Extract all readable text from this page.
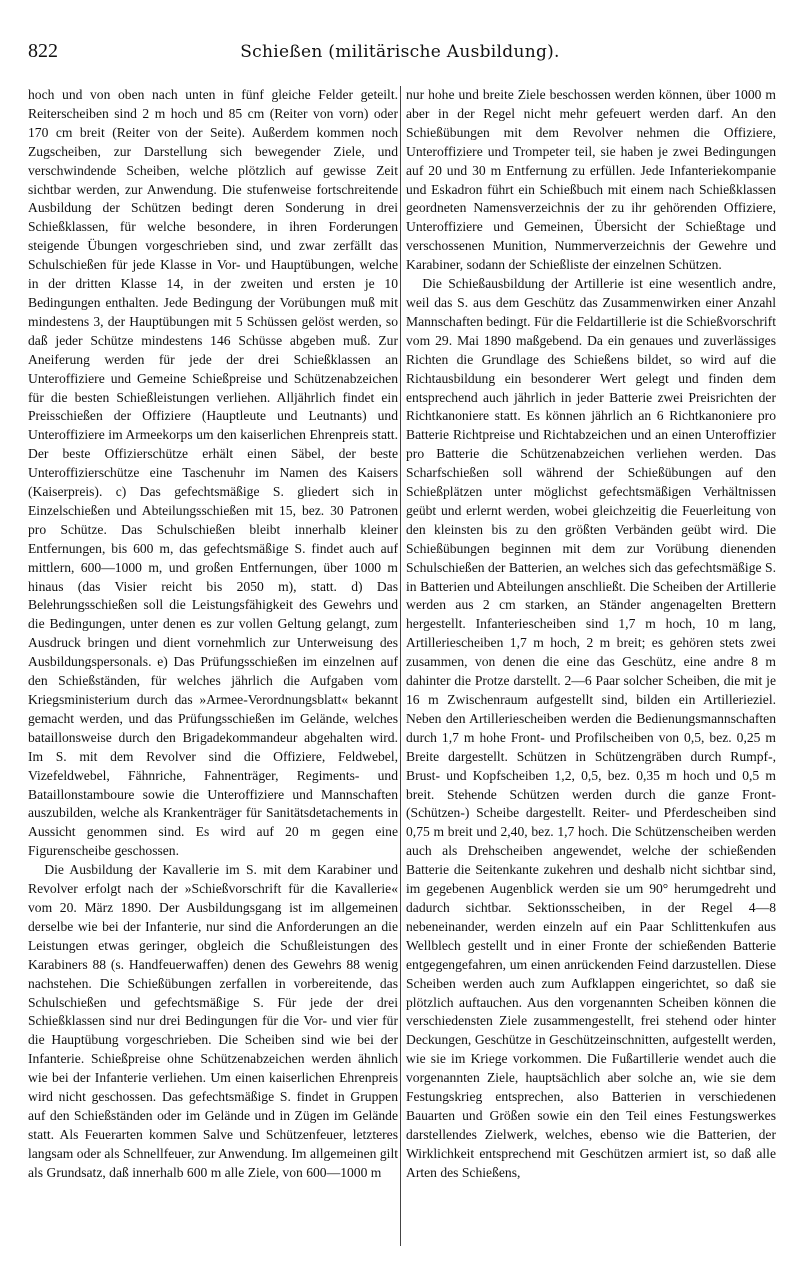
822	Schießen (militärische Ausbildung).

hoch und von oben nach unten in fünf gleiche Felder geteilt. Reiterscheiben sind 2 m hoch und 85 cm (Reiter von vorn) oder 170 cm breit (Reiter von der Seite). Außerdem kommen noch Zugscheiben, zur Darstellung sich bewegender Ziele, und verschwindende Scheiben, welche plötzlich auf gewisse Zeit sichtbar werden, zur Anwendung. Die stufenweise fortschreitende Ausbildung der Schützen bedingt deren Sonderung in drei Schießklassen, für welche besondere, in ihren Forderungen steigende Übungen vorgeschrieben sind, und zwar zerfällt das Schulschießen für jede Klasse in Vor- und Hauptübungen, welche in der dritten Klasse 14, in der zweiten und ersten je 10 Bedingungen enthalten. Jede Bedingung der Vorübungen muß mit mindestens 3, der Hauptübungen mit 5 Schüssen gelöst werden, so daß jeder Schütze mindestens 146 Schüsse abgeben muß. Zur Aneiferung werden für jede der drei Schießklassen an Unteroffiziere und Gemeine Schießpreise und Schützenabzeichen für die besten Schießleistungen verliehen. Alljährlich findet ein Preisschießen der Offiziere (Hauptleute und Leutnants) und Unteroffiziere im Armeekorps um den kaiserlichen Ehrenpreis statt. Der beste Offizierschütze erhält einen Säbel, der beste Unteroffizierschütze eine Taschenuhr im Namen des Kaisers (Kaiserpreis). c) Das gefechtsmäßige S. gliedert sich in Einzelschießen und Abteilungsschießen mit 15, bez. 30 Patronen pro Schütze. Das Schulschießen bleibt innerhalb kleiner Entfernungen, bis 600 m, das gefechtsmäßige S. findet auch auf mittlern, 600—1000 m, und großen Entfernungen, über 1000 m hinaus (das Visier reicht bis 2050 m), statt. d) Das Belehrungsschießen soll die Leistungsfähigkeit des Gewehrs und die Bedingungen, unter denen es zur vollen Geltung gelangt, zum Ausdruck bringen und dient vornehmlich zur Unterweisung des Ausbildungspersonals. e) Das Prüfungsschießen im einzelnen auf den Schießständen, für welches jährlich die Aufgaben vom Kriegsministerium durch das »Armee-Verordnungsblatt« bekannt gemacht werden, und das Prüfungsschießen im Gelände, welches bataillonsweise durch den Brigadekommandeur abgehalten wird. Im S. mit dem Revolver sind die Offiziere, Feldwebel, Vizefeldwebel, Fähnriche, Fahnenträger, Regiments- und Bataillonstamboure sowie die Unteroffiziere und Mannschaften auszubilden, welche als Krankenträger für Sanitätsdetachements in Aussicht genommen sind. Es wird auf 20 m gegen eine Figurenscheibe geschossen.

Die Ausbildung der Kavallerie im S. mit dem Karabiner und Revolver erfolgt nach der »Schießvorschrift für die Kavallerie« vom 20. März 1890. Der Ausbildungsgang ist im allgemeinen derselbe wie bei der Infanterie, nur sind die Anforderungen an die Leistungen etwas geringer, obgleich die Schußleistungen des Karabiners 88 (s. Handfeuerwaffen) denen des Gewehrs 88 wenig nachstehen. Die Schießübungen zerfallen in vorbereitende, das Schulschießen und gefechtsmäßige S. Für jede der drei Schießklassen sind nur drei Bedingungen für die Vor- und vier für die Hauptübung vorgeschrieben. Die Scheiben sind wie bei der Infanterie. Schießpreise ohne Schützenabzeichen werden ähnlich wie bei der Infanterie verliehen. Um einen kaiserlichen Ehrenpreis wird nicht geschossen. Das gefechtsmäßige S. findet in Gruppen auf den Schießständen oder im Gelände und in Zügen im Gelände statt. Als Feuerarten kommen Salve und Schützenfeuer, letzteres langsam oder als Schnellfeuer, zur Anwendung. Im allgemeinen gilt als Grundsatz, daß innerhalb 600 m alle Ziele, von 600—1000 m

nur hohe und breite Ziele beschossen werden können, über 1000 m aber in der Regel nicht mehr gefeuert werden darf. An den Schießübungen mit dem Revolver nehmen die Offiziere, Unteroffiziere und Trompeter teil, sie haben je zwei Bedingungen auf 20 und 30 m Entfernung zu erfüllen. Jede Infanteriekompanie und Eskadron führt ein Schießbuch mit einem nach Schießklassen geordneten Namensverzeichnis der zu ihr gehörenden Offiziere, Unteroffiziere und Gemeinen, Übersicht der Schießtage und verschossenen Munition, Nummerverzeichnis der Gewehre und Karabiner, sodann der Schießliste der einzelnen Schützen.

Die Schießausbildung der Artillerie ist eine wesentlich andre, weil das S. aus dem Geschütz das Zusammenwirken einer Anzahl Mannschaften bedingt. Für die Feldartillerie ist die Schießvorschrift vom 29. Mai 1890 maßgebend. Da ein genaues und zuverlässiges Richten die Grundlage des Schießens bildet, so wird auf die Richtausbildung ein besonderer Wert gelegt und finden dem entsprechend auch jährlich in jeder Batterie zwei Preisrichten der Richtkanoniere statt. Es können jährlich an 6 Richtkanoniere pro Batterie Richtpreise und Richtabzeichen und an einen Unteroffizier pro Batterie die Schützenabzeichen verliehen werden. Das Scharfschießen soll während der Schießübungen auf den Schießplätzen unter möglichst gefechtsmäßigen Verhältnissen geübt und erlernt werden, wobei gleichzeitig die Feuerleitung von den kleinsten bis zu den größten Verbänden geübt wird. Die Schießübungen beginnen mit dem zur Vorübung dienenden Schulschießen der Batterien, an welches sich das gefechtsmäßige S. in Batterien und Abteilungen anschließt. Die Scheiben der Artillerie werden aus 2 cm starken, an Ständer angenagelten Brettern hergestellt. Infanteriescheiben sind 1,7 m hoch, 10 m lang, Artilleriescheiben 1,7 m hoch, 2 m breit; es gehören stets zwei zusammen, von denen die eine das Geschütz, eine andre 8 m dahinter die Protze darstellt. 2—6 Paar solcher Scheiben, die mit je 16 m Zwischenraum aufgestellt sind, bilden ein Artillerieziel. Neben den Artilleriescheiben werden die Bedienungsmannschaften durch 1,7 m hohe Front- und Profilscheiben von 0,5, bez. 0,25 m Breite dargestellt. Schützen in Schützengräben durch Rumpf-, Brust- und Kopfscheiben 1,2, 0,5, bez. 0,35 m hoch und 0,5 m breit. Stehende Schützen werden durch die ganze Front- (Schützen-) Scheibe dargestellt. Reiter- und Pferdescheiben sind 0,75 m breit und 2,40, bez. 1,7 hoch. Die Schützenscheiben werden auch als Drehscheiben angewendet, welche der schießenden Batterie die Seitenkante zukehren und deshalb nicht sichtbar sind, im gegebenen Augenblick werden sie um 90° herumgedreht und dadurch sichtbar. Sektionsscheiben, in der Regel 4—8 nebeneinander, werden einzeln auf ein Paar Schlittenkufen aus Wellblech gestellt und in einer Fronte der schießenden Batterie entgegengefahren, um einen anrückenden Feind darzustellen. Diese Scheiben werden auch zum Aufklappen eingerichtet, so daß sie plötzlich auftauchen. Aus den vorgenannten Scheiben können die verschiedensten Ziele zusammengestellt, frei stehend oder hinter Deckungen, Geschütze in Geschützeinschnitten, aufgestellt werden, wie sie im Kriege vorkommen. Die Fußartillerie wendet auch die vorgenannten Ziele, hauptsächlich aber solche an, wie sie dem Festungskrieg entsprechen, also Batterien in verschiedenen Bauarten und Größen sowie ein den Teil eines Festungswerkes darstellendes Zielwerk, welches, ebenso wie die Batterien, der Wirklichkeit entsprechend mit Geschützen armiert ist, so daß alle Arten des Schießens,
